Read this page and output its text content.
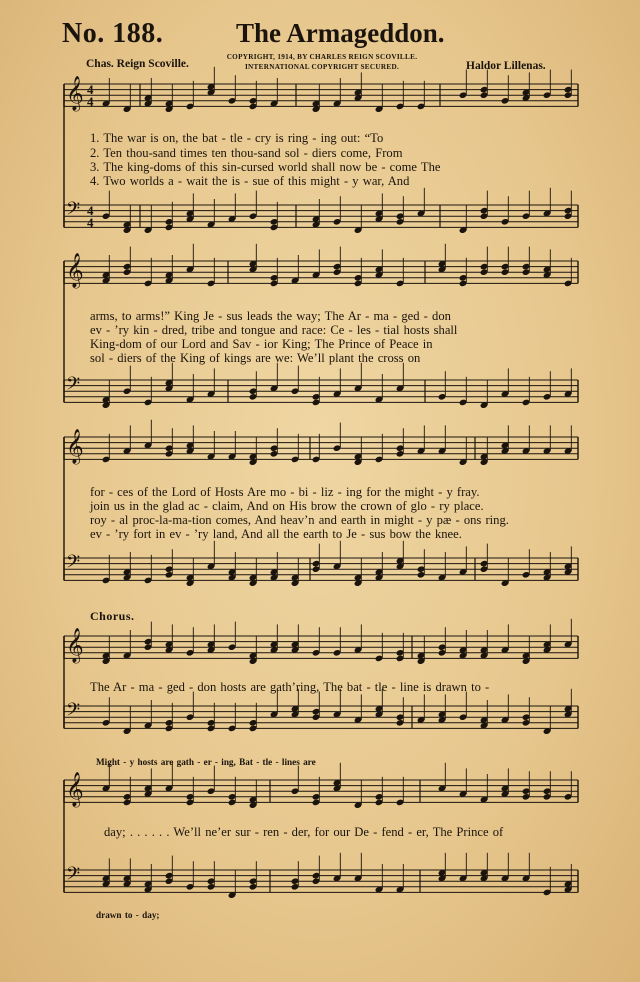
No. 188.	The Armageddon.
Chas. Reign Scoville.
COPYRIGHT, 1914, BY CHARLES REIGN SCOVILLE.
INTERNATIONAL COPYRIGHT SECURED.	Haldor Lillenas.
𝄞
𝄢
4
4
4
4
𝄞
𝄢
𝄞
𝄢
𝄞
𝄢
𝄞
𝄢
1. The war is on, the bat - tle - cry is ring - ing out: “To
2. Ten thou-sand times ten thou-sand sol - diers come, From
3. The king-doms of this sin-cursed world shall now be - come The
4. Two worlds a - wait the is - sue of this might - y war, And
arms, to arms!” King Je - sus leads the way; The Ar - ma - ged - don
ev - ’ry kin - dred, tribe and tongue and race: Ce - les - tial hosts shall
King-dom of our Lord and Sav - ior King; The Prince of Peace in
sol - diers of the King of kings are we: We’ll plant the cross on
for - ces of the Lord of Hosts Are mo - bi - liz - ing for the might - y fray.
join us in the glad ac - claim, And on His brow the crown of glo - ry place.
roy - al proc-la-ma-tion comes, And heav’n and earth in might - y pæ - ons ring.
ev - ’ry fort in ev - ’ry land, And all the earth to Je - sus bow the knee.
Chorus.
The Ar - ma - ged - don hosts are gath’ring, The bat - tle - line is drawn to -
Might - y hosts are gath - er - ing, Bat - tle - lines are
day; . . . . . . We’ll ne’er sur - ren - der, for our De - fend - er, The Prince of
drawn to - day;
